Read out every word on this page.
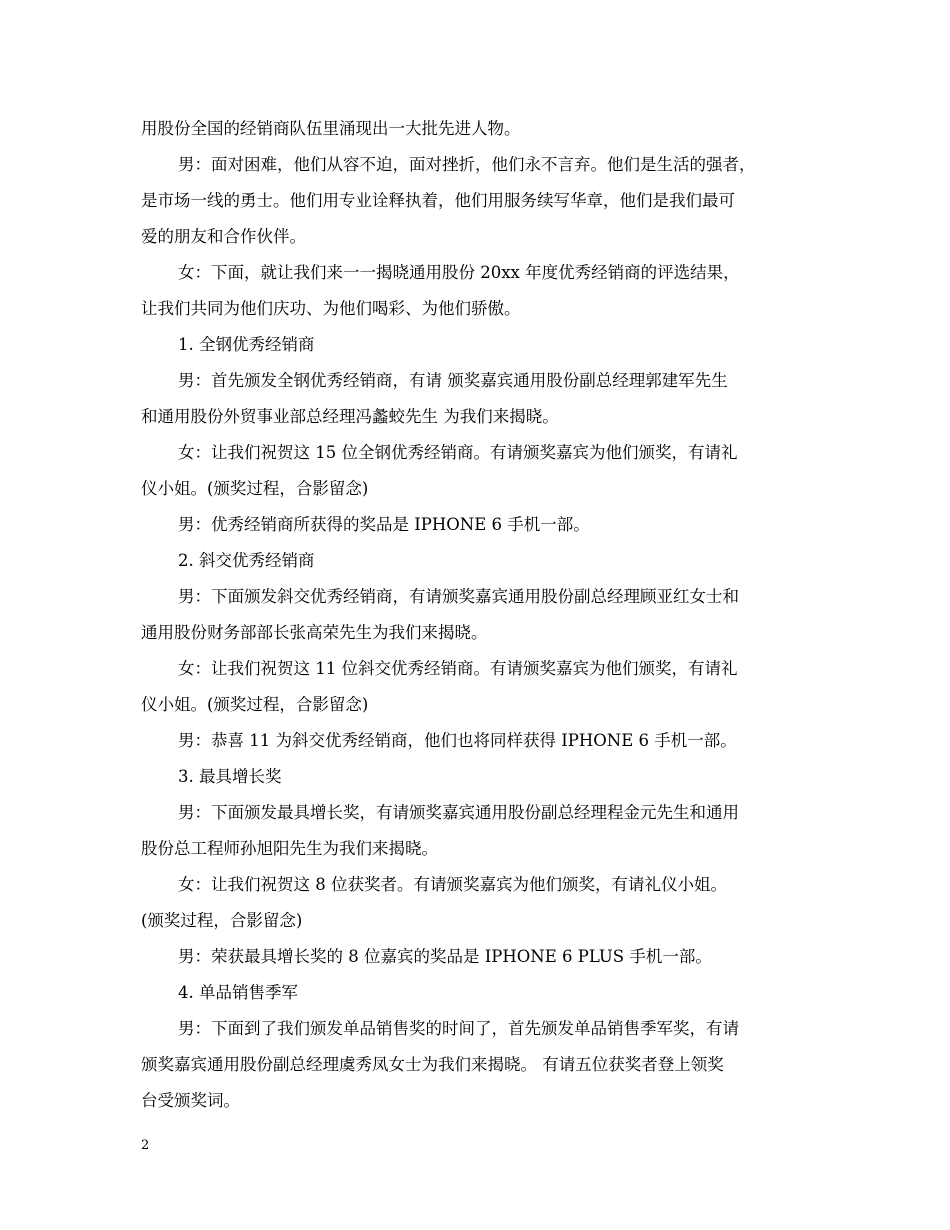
用股份全国的经销商队伍里涌现出一大批先进人物。
男：面对困难，他们从容不迫，面对挫折，他们永不言弃。他们是生活的强者，
是市场一线的勇士。他们用专业诠释执着，他们用服务续写华章，他们是我们最可
爱的朋友和合作伙伴。
女：下面，就让我们来一一揭晓通用股份 20xx 年度优秀经销商的评选结果，
让我们共同为他们庆功、为他们喝彩、为他们骄傲。
1. 全钢优秀经销商
男：首先颁发全钢优秀经销商，有请 颁奖嘉宾通用股份副总经理郭建军先生
和通用股份外贸事业部总经理冯蠡蛟先生 为我们来揭晓。
女：让我们祝贺这 15 位全钢优秀经销商。有请颁奖嘉宾为他们颁奖，有请礼
仪小姐。(颁奖过程，合影留念)
男：优秀经销商所获得的奖品是 IPHONE 6 手机一部。
2. 斜交优秀经销商
男：下面颁发斜交优秀经销商，有请颁奖嘉宾通用股份副总经理顾亚红女士和
通用股份财务部部长张高荣先生为我们来揭晓。
女：让我们祝贺这 11 位斜交优秀经销商。有请颁奖嘉宾为他们颁奖，有请礼
仪小姐。(颁奖过程，合影留念)
男：恭喜 11 为斜交优秀经销商，他们也将同样获得 IPHONE 6 手机一部。
3. 最具增长奖
男：下面颁发最具增长奖，有请颁奖嘉宾通用股份副总经理程金元先生和通用
股份总工程师孙旭阳先生为我们来揭晓。
女：让我们祝贺这 8 位获奖者。有请颁奖嘉宾为他们颁奖，有请礼仪小姐。
(颁奖过程，合影留念)
男：荣获最具增长奖的 8 位嘉宾的奖品是 IPHONE 6 PLUS 手机一部。
4. 单品销售季军
男：下面到了我们颁发单品销售奖的时间了，首先颁发单品销售季军奖，有请
颁奖嘉宾通用股份副总经理虞秀凤女士为我们来揭晓。 有请五位获奖者登上领奖
台受颁奖词。
2
